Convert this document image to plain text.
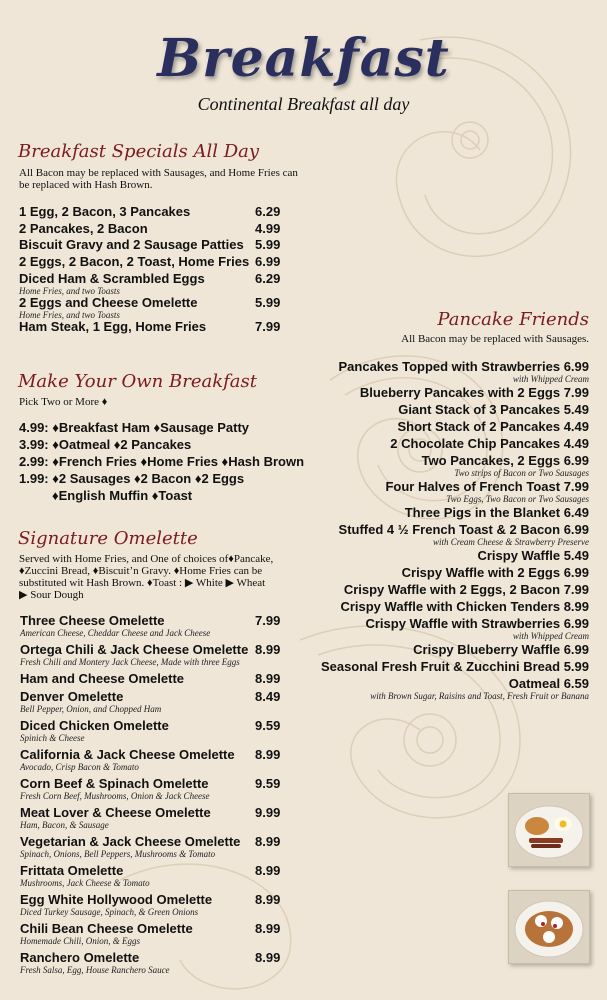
Breakfast
Continental Breakfast all day
Breakfast Specials All Day
All Bacon may be replaced with Sausages, and Home Fries can be replaced with Hash Brown.
1 Egg, 2 Bacon, 3 Pancakes	6.29
2 Pancakes, 2 Bacon	4.99
Biscuit Gravy and 2 Sausage Patties 5.99
2 Eggs, 2 Bacon, 2 Toast, Home Fries 6.99
Diced Ham & Scrambled Eggs	6.29
Home Fries, and two Toasts
2 Eggs and Cheese Omelette	5.99
Home Fries, and two Toasts
Ham Steak, 1 Egg, Home Fries	7.99
Make Your Own Breakfast
Pick Two or More ♦
4.99: ♦Breakfast Ham ♦Sausage Patty
3.99: ♦Oatmeal ♦2 Pancakes
2.99: ♦French Fries ♦Home Fries ♦Hash Brown
1.99: ♦2 Sausages ♦2 Bacon ♦2 Eggs
♦English Muffin ♦Toast
Signature Omelette
Served with Home Fries, and One of choices of♦Pancake,
♦Zuccini Bread, ♦Biscuit’n Gravy. ♦Home Fries can be
substituted wit Hash Brown. ♦Toast : ▶ White ▶ Wheat
▶ Sour Dough
Three Cheese Omelette	7.99
American Cheese, Cheddar Cheese and Jack Cheese
Ortega Chili & Jack Cheese Omelette 8.99
Fresh Chili and Montery Jack Cheese, Made with three Eggs
Ham and Cheese Omelette	8.99
Denver Omelette	8.49
Bell Pepper, Onion, and Chopped Ham
Diced Chicken Omelette	9.59
Spinich & Cheese
California & Jack Cheese Omelette 8.99
Avocado, Crisp Bacon & Tomato
Corn Beef & Spinach Omelette	9.59
Fresh Corn Beef, Mushrooms, Onion & Jack Cheese
Meat Lover & Cheese Omelette	9.99
Ham, Bacon, & Sausage
Vegetarian & Jack Cheese Omelette 8.99
Spinach, Onions, Bell Peppers, Mushrooms & Tomato
Frittata Omelette	8.99
Mushrooms, Jack Cheese & Tomato
Egg White Hollywood Omelette	8.99
Diced Turkey Sausage, Spinach, & Green Onions
Chili Bean Cheese Omelette	8.99
Homemade Chili, Onion, & Eggs
Ranchero Omelette	8.99
Fresh Salsa, Egg, House Ranchero Sauce
Pancake Friends
All Bacon may be replaced with Sausages.
Pancakes Topped with Strawberries 6.99
with Whipped Cream
Blueberry Pancakes with 2 Eggs 7.99
Giant Stack of 3 Pancakes 5.49
Short Stack of 2 Pancakes 4.49
2 Chocolate Chip Pancakes 4.49
Two Pancakes, 2 Eggs 6.99
Two strips of Bacon or Two Sausages
Four Halves of French Toast 7.99
Two Eggs, Two Bacon or Two Sausages
Three Pigs in the Blanket 6.49
Stuffed 4 ½ French Toast & 2 Bacon 6.99
with Cream Cheese & Strawberry Preserve
Crispy Waffle 5.49
Crispy Waffle with 2 Eggs 6.99
Crispy Waffle with 2 Eggs, 2 Bacon 7.99
Crispy Waffle with Chicken Tenders 8.99
Crispy Waffle with Strawberries 6.99
with Whipped Cream
Crispy Blueberry Waffle 6.99
Seasonal Fresh Fruit & Zucchini Bread 5.99
Oatmeal 6.59
with Brown Sugar, Raisins and Toast, Fresh Fruit or Banana
